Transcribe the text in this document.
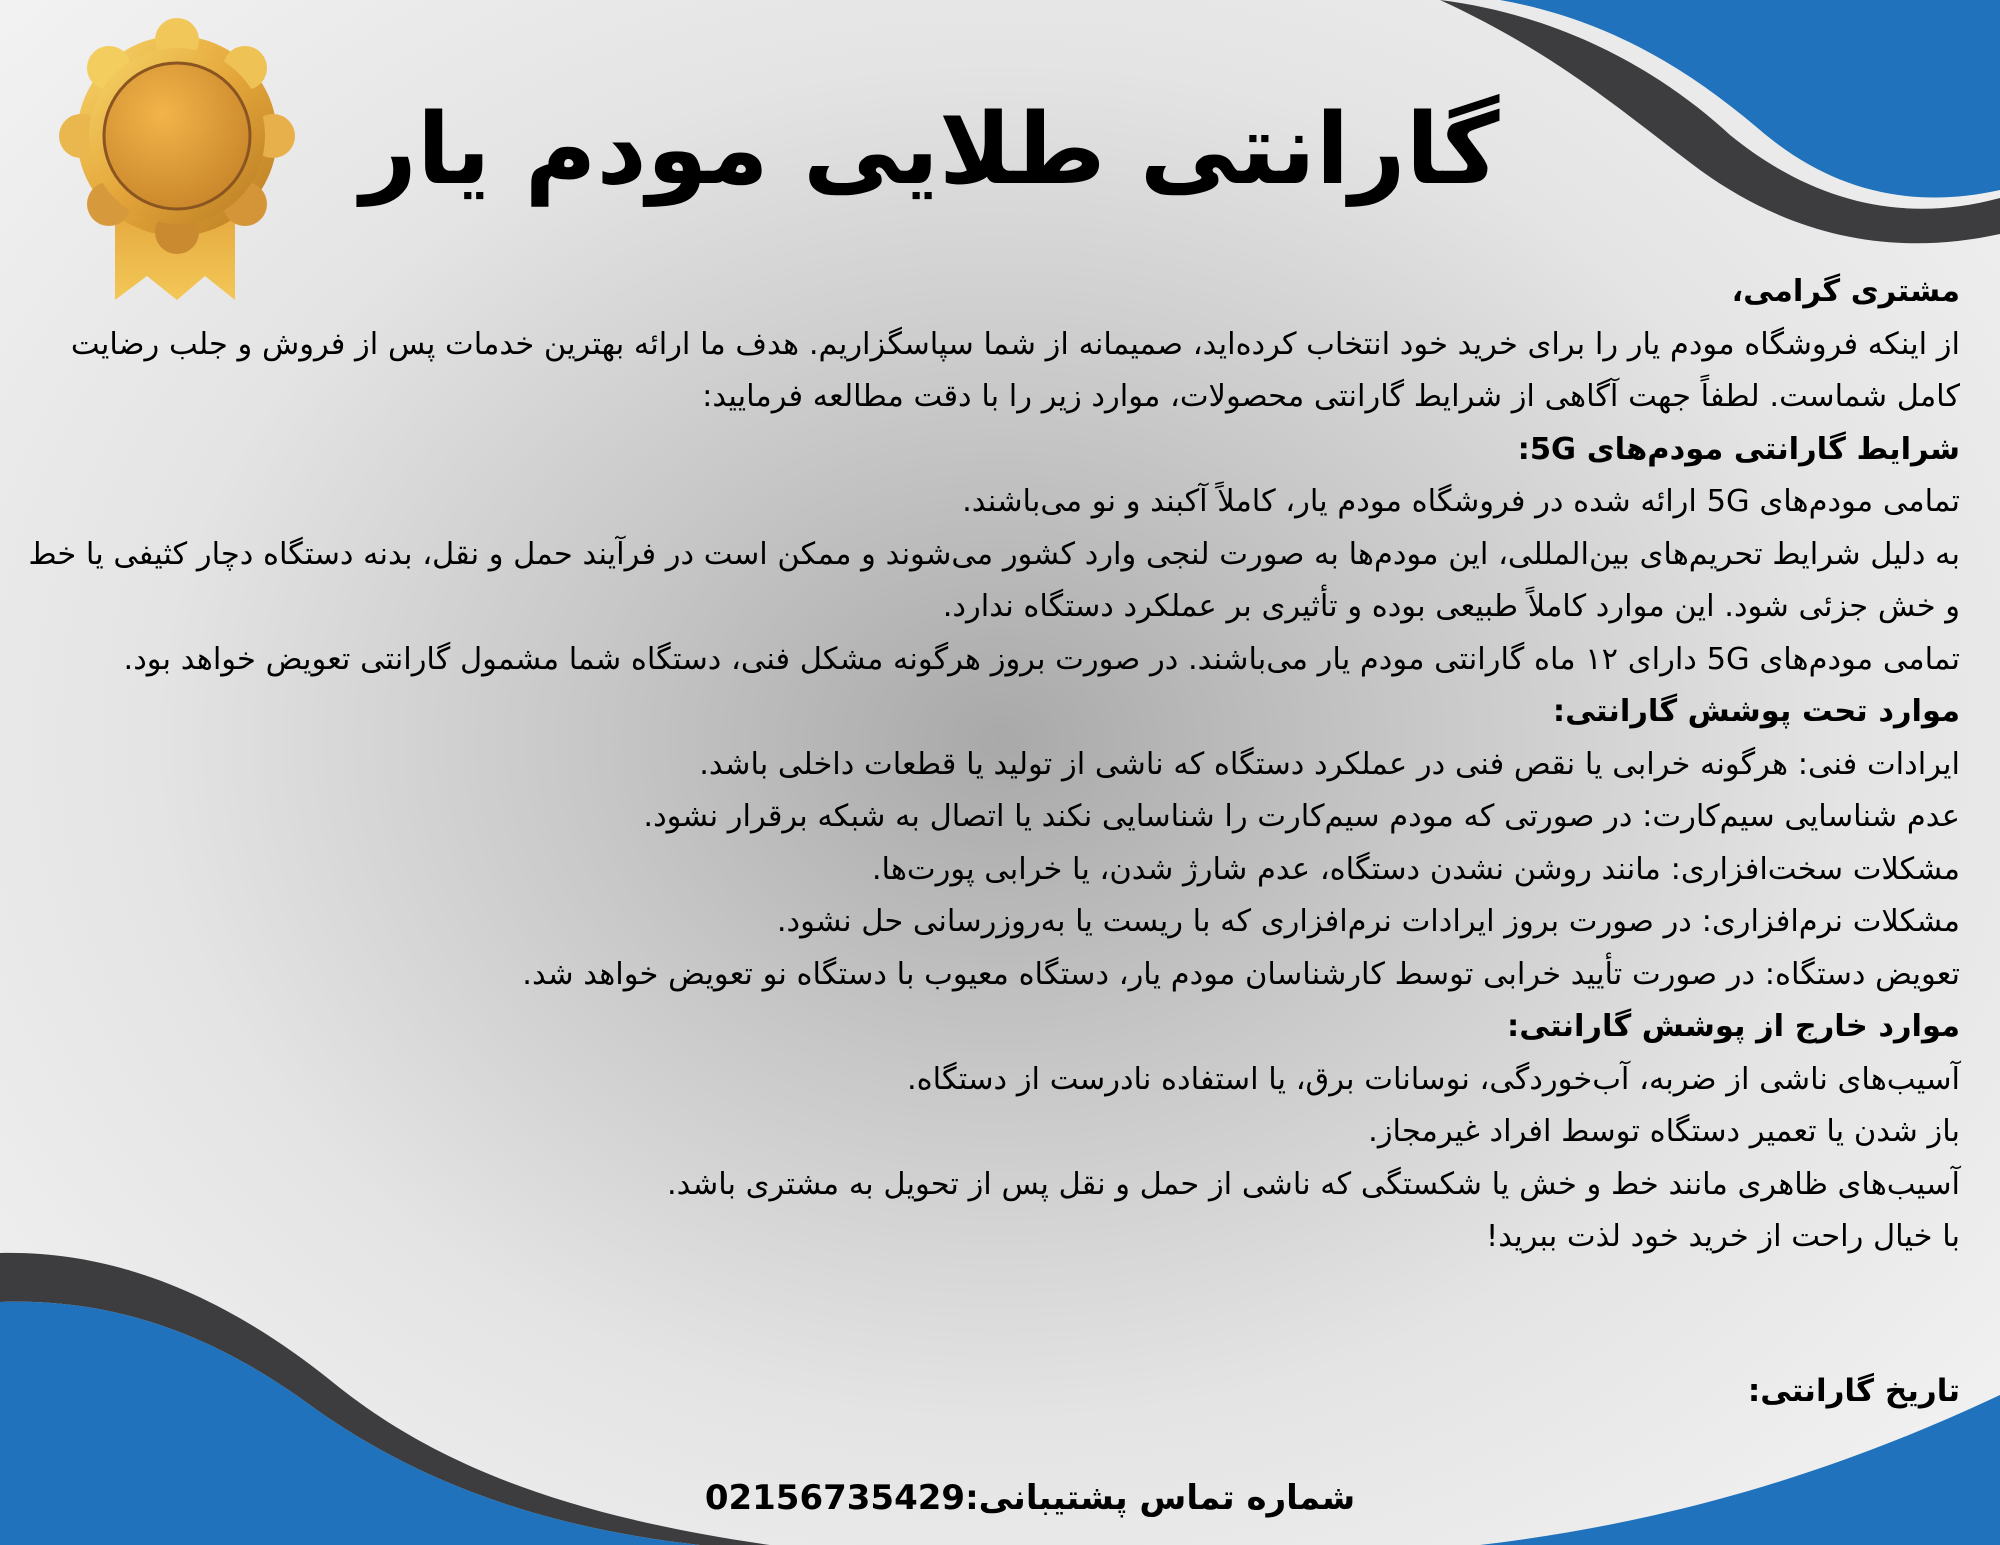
گارانتی طلایی مودم یار

مشتری گرامی،

از اینکه فروشگاه مودم یار را برای خرید خود انتخاب کرده‌اید، صمیمانه از شما سپاسگزاریم. هدف ما ارائه بهترین خدمات پس از فروش و جلب رضایت کامل شماست. لطفاً جهت آگاهی از شرایط گارانتی محصولات، موارد زیر را با دقت مطالعه فرمایید:

شرایط گارانتی مودم‌های 5G:

تمامی مودم‌های 5G ارائه شده در فروشگاه مودم یار، کاملاً آکبند و نو می‌باشند.

به دلیل شرایط تحریم‌های بین‌المللی، این مودم‌ها به صورت لنجی وارد کشور می‌شوند و ممکن است در فرآیند حمل و نقل، بدنه دستگاه دچار کثیفی یا خط و خش جزئی شود. این موارد کاملاً طبیعی بوده و تأثیری بر عملکرد دستگاه ندارد.

تمامی مودم‌های 5G دارای ۱۲ ماه گارانتی مودم یار می‌باشند. در صورت بروز هرگونه مشکل فنی، دستگاه شما مشمول گارانتی تعویض خواهد بود.

موارد تحت پوشش گارانتی:

ایرادات فنی: هرگونه خرابی یا نقص فنی در عملکرد دستگاه که ناشی از تولید یا قطعات داخلی باشد.

عدم شناسایی سیم‌کارت: در صورتی که مودم سیم‌کارت را شناسایی نکند یا اتصال به شبکه برقرار نشود.

مشکلات سخت‌افزاری: مانند روشن نشدن دستگاه، عدم شارژ شدن، یا خرابی پورت‌ها.

مشکلات نرم‌افزاری: در صورت بروز ایرادات نرم‌افزاری که با ریست یا به‌روزرسانی حل نشود.

تعویض دستگاه: در صورت تأیید خرابی توسط کارشناسان مودم یار، دستگاه معیوب با دستگاه نو تعویض خواهد شد.

موارد خارج از پوشش گارانتی:

آسیب‌های ناشی از ضربه، آب‌خوردگی، نوسانات برق، یا استفاده نادرست از دستگاه.

باز شدن یا تعمیر دستگاه توسط افراد غیرمجاز.

آسیب‌های ظاهری مانند خط و خش یا شکستگی که ناشی از حمل و نقل پس از تحویل به مشتری باشد.

با خیال راحت از خرید خود لذت ببرید!

تاریخ گارانتی:

شماره تماس پشتیبانی:02156735429
